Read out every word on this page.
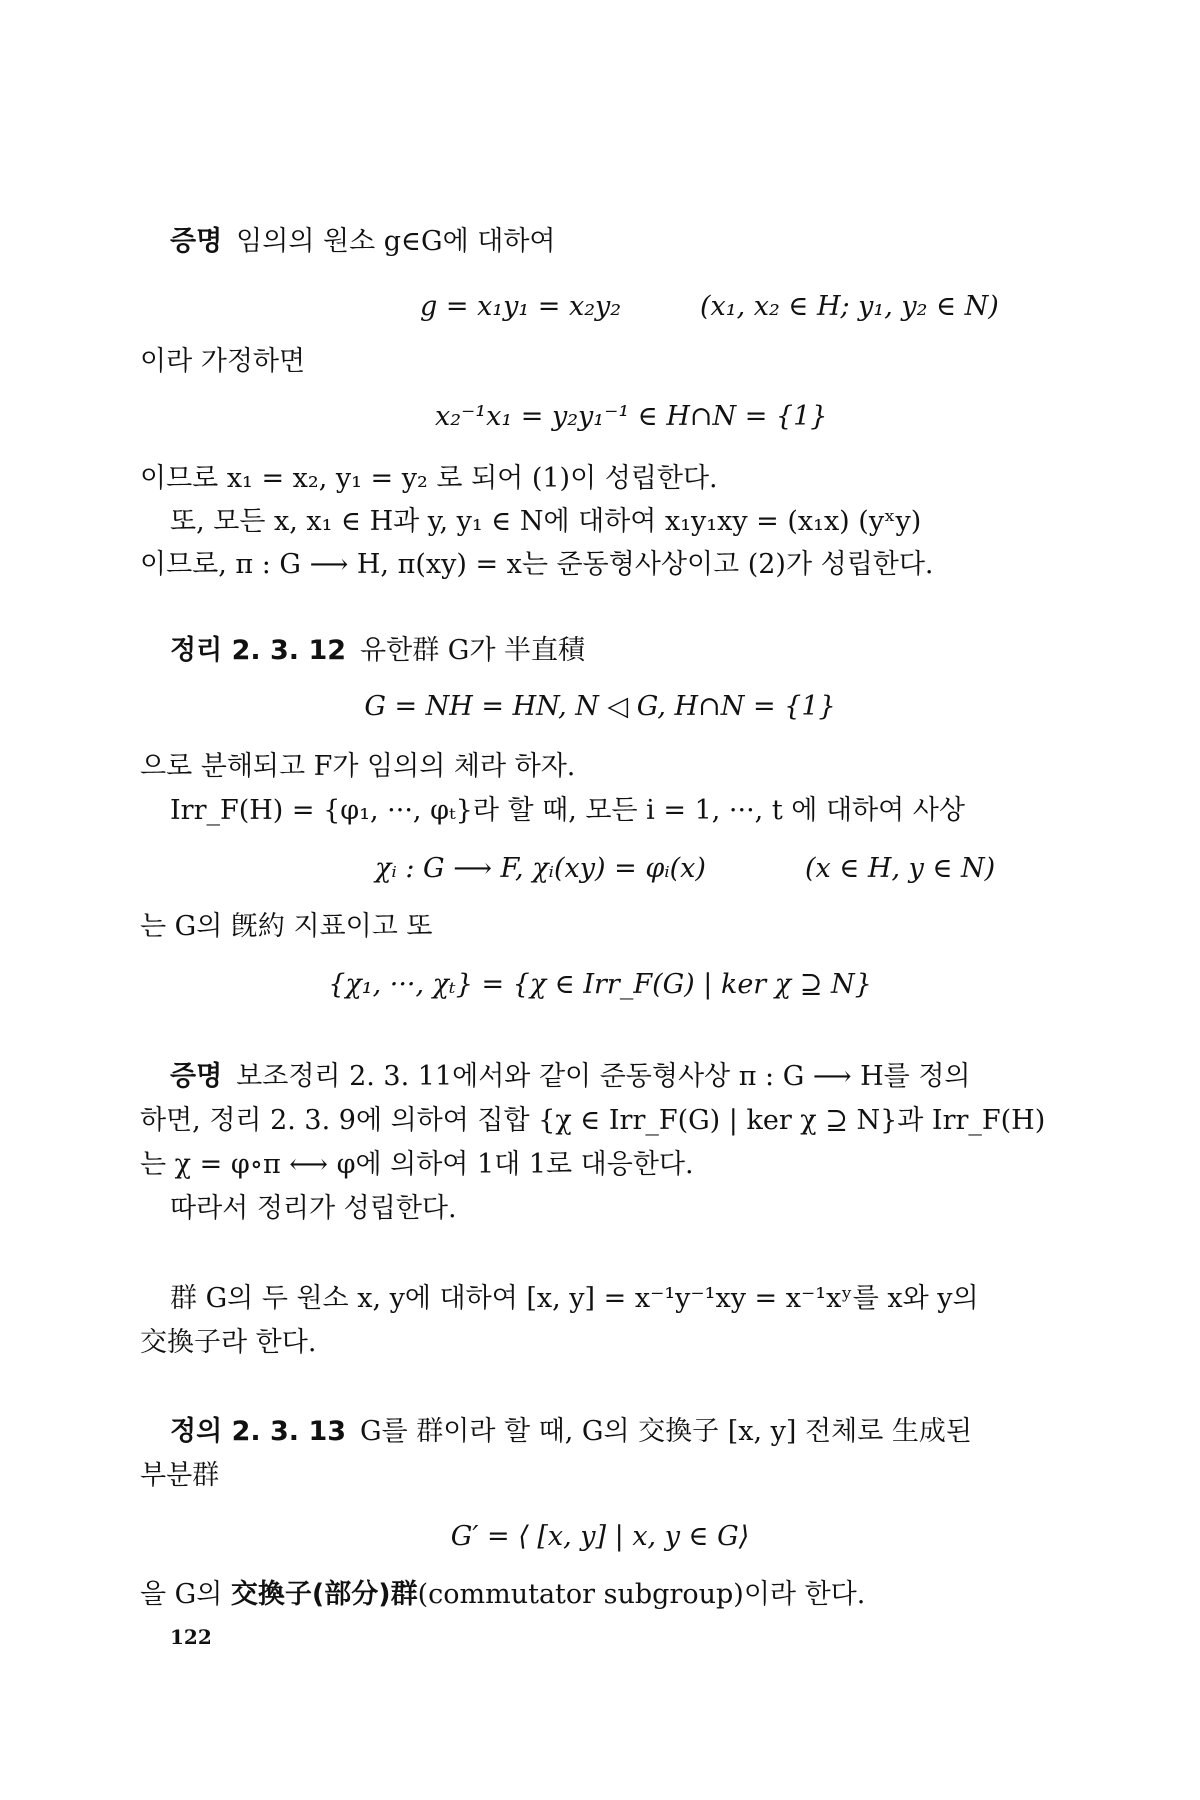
증명 임의의 원소 g∈G에 대하여
g = x₁y₁ = x₂y₂	(x₁, x₂ ∈ H; y₁, y₂ ∈ N)
이라 가정하면
x₂⁻¹x₁ = y₂y₁⁻¹ ∈ H∩N = {1}
이므로 x₁ = x₂, y₁ = y₂ 로 되어 (1)이 성립한다.
또, 모든 x, x₁ ∈ H과 y, y₁ ∈ N에 대하여 x₁y₁xy = (x₁x) (yˣy)
이므로, π : G ⟶ H, π(xy) = x는 준동형사상이고 (2)가 성립한다.
정리 2. 3. 12 유한群 G가 半直積
G = NH = HN, N ◁ G, H∩N = {1}
으로 분해되고 F가 임의의 체라 하자.
Irr_F(H) = {φ₁, ···, φₜ}라 할 때, 모든 i = 1, ···, t 에 대하여 사상
χᵢ : G ⟶ F, χᵢ(xy) = φᵢ(x)	(x ∈ H, y ∈ N)
는 G의 旣約 지표이고 또
{χ₁, ···, χₜ} = {χ ∈ Irr_F(G) | ker χ ⊇ N}
증명 보조정리 2. 3. 11에서와 같이 준동형사상 π : G ⟶ H를 정의
하면, 정리 2. 3. 9에 의하여 집합 {χ ∈ Irr_F(G) | ker χ ⊇ N}과 Irr_F(H)
는 χ = φ∘π ⟷ φ에 의하여 1대 1로 대응한다.
따라서 정리가 성립한다.
群 G의 두 원소 x, y에 대하여 [x, y] = x⁻¹y⁻¹xy = x⁻¹xʸ를 x와 y의
交換子라 한다.
정의 2. 3. 13 G를 群이라 할 때, G의 交換子 [x, y] 전체로 生成된
부분群
G′ = ⟨ [x, y] | x, y ∈ G⟩
을 G의 交換子(部分)群(commutator subgroup)이라 한다.
122
